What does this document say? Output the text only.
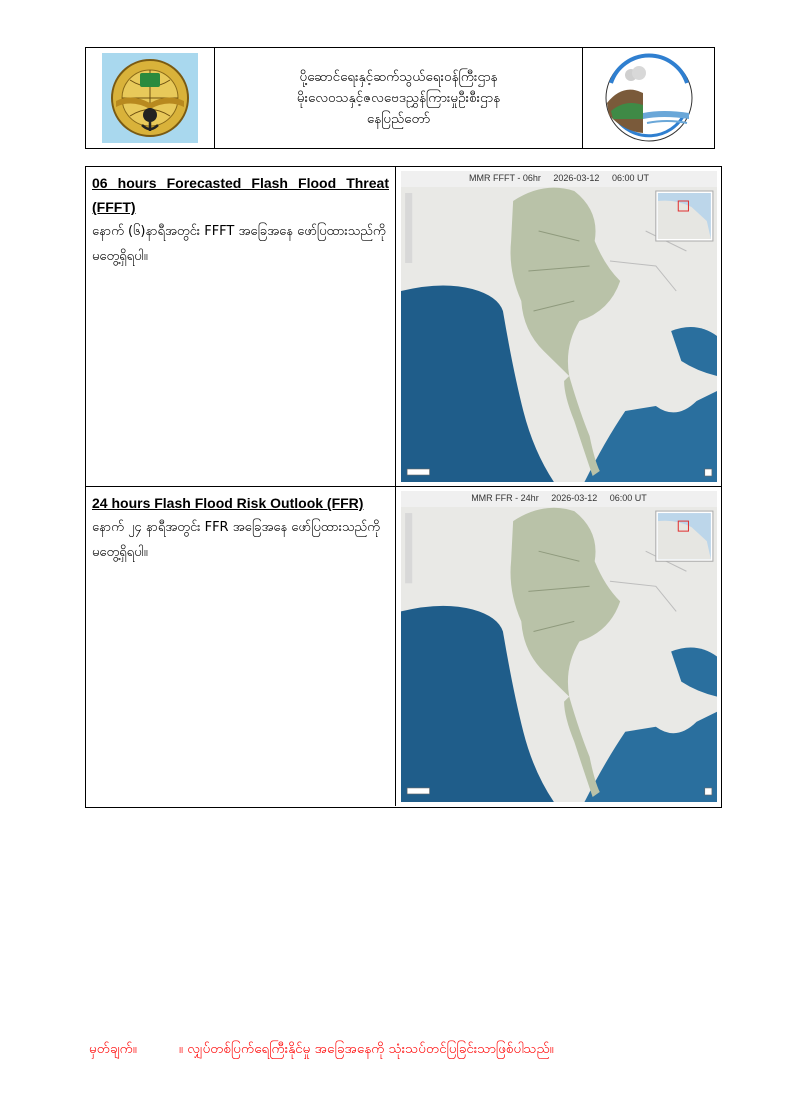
ပို့ဆောင်ရေးနှင့်ဆက်သွယ်ရေးဝန်ကြီးဌာန
မိုးလေဝသနှင့်ဇလဗေဒညွှန်ကြားမှုဦးစီးဌာန
နေပြည်တော်
06 hours Forecasted Flash Flood Threat
(FFFT)
နောက် (၆)နာရီအတွင်း FFFT အခြေအနေ ဖော်ပြထားသည်ကို မတွေ့ရှိရပါ။
MMR FFFT - 06hr 2026-03-12 06:00 UT
24 hours Flash Flood Risk Outlook (FFR)
နောက် ၂၄ နာရီအတွင်း FFR အခြေအနေ ဖော်ပြထားသည်ကို မတွေ့ရှိရပါ။
MMR FFR - 24hr 2026-03-12 06:00 UT
မှတ်ချက်။	။ လျှပ်တစ်ပြက်ရေကြီးနိုင်မှု အခြေအနေကို သုံးသပ်တင်ပြခြင်းသာဖြစ်ပါသည်။
